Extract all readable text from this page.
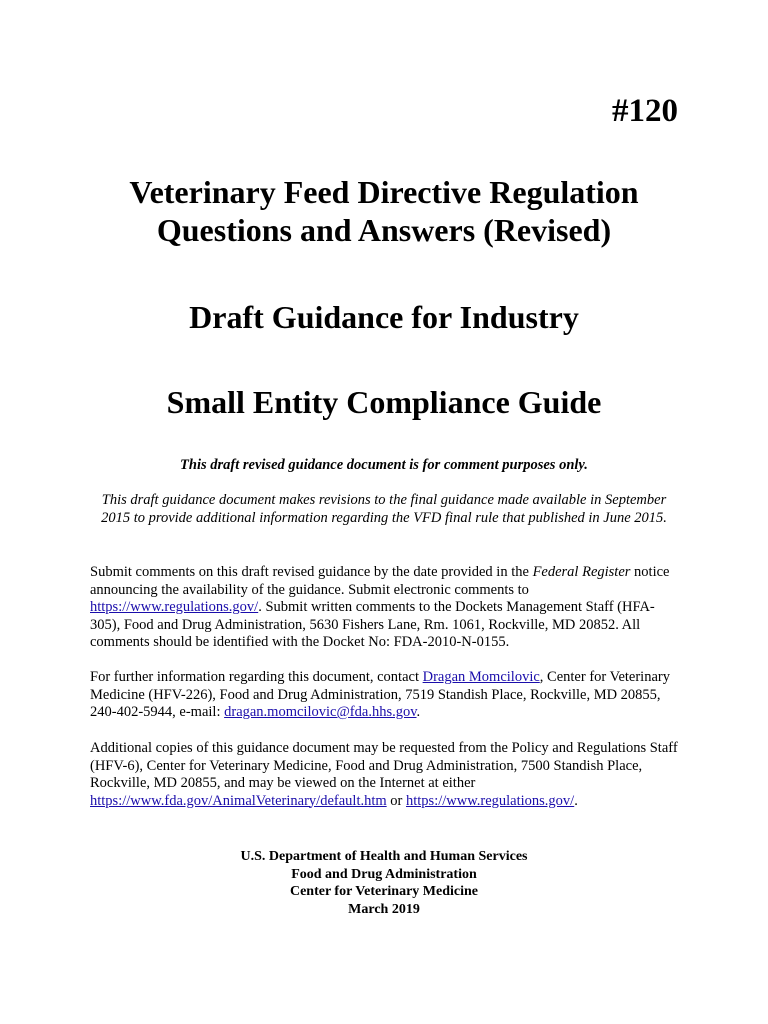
#120
Veterinary Feed Directive Regulation
Questions and Answers (Revised)
Draft Guidance for Industry
Small Entity Compliance Guide
This draft revised guidance document is for comment purposes only.
This draft guidance document makes revisions to the final guidance made available in September 2015 to provide additional information regarding the VFD final rule that published in June 2015.
Submit comments on this draft revised guidance by the date provided in the Federal Register notice announcing the availability of the guidance. Submit electronic comments to https://www.regulations.gov/. Submit written comments to the Dockets Management Staff (HFA-305), Food and Drug Administration, 5630 Fishers Lane, Rm. 1061, Rockville, MD 20852. All comments should be identified with the Docket No: FDA-2010-N-0155.
For further information regarding this document, contact Dragan Momcilovic, Center for Veterinary Medicine (HFV-226), Food and Drug Administration, 7519 Standish Place, Rockville, MD 20855, 240-402-5944, e-mail: dragan.momcilovic@fda.hhs.gov.
Additional copies of this guidance document may be requested from the Policy and Regulations Staff (HFV-6), Center for Veterinary Medicine, Food and Drug Administration, 7500 Standish Place, Rockville, MD 20855, and may be viewed on the Internet at either https://www.fda.gov/AnimalVeterinary/default.htm or https://www.regulations.gov/.
U.S. Department of Health and Human Services
Food and Drug Administration
Center for Veterinary Medicine
March 2019
